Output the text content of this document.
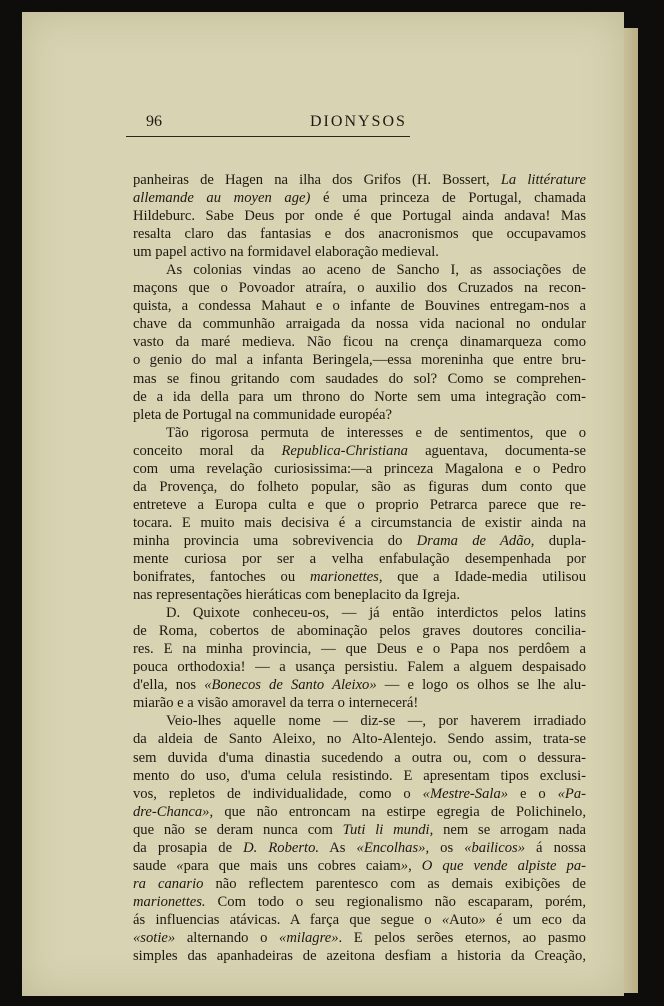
96	DIONYSOS
panheiras de Hagen na ilha dos Grifos (H. Bossert, La littérature
allemande au moyen age) é uma princeza de Portugal, chamada
Hildeburc. Sabe Deus por onde é que Portugal ainda andava! Mas
resalta claro das fantasias e dos anacronismos que occupavamos
um papel activo na formidavel elaboração medieval.
As colonias vindas ao aceno de Sancho I, as associações de
maçons que o Povoador atraíra, o auxilio dos Cruzados na recon-
quista, a condessa Mahaut e o infante de Bouvines entregam-nos a
chave da communhão arraigada da nossa vida nacional no ondular
vasto da maré medieva. Não ficou na crença dinamarqueza como
o genio do mal a infanta Beringela,—essa moreninha que entre bru-
mas se finou gritando com saudades do sol? Como se comprehen-
de a ida della para um throno do Norte sem uma integração com-
pleta de Portugal na communidade européa?
Tão rigorosa permuta de interesses e de sentimentos, que o
conceito moral da Republica-Christiana aguentava, documenta-se
com uma revelação curiosissima:—a princeza Magalona e o Pedro
da Provença, do folheto popular, são as figuras dum conto que
entreteve a Europa culta e que o proprio Petrarca parece que re-
tocara. E muito mais decisiva é a circumstancia de existir ainda na
minha provincia uma sobrevivencia do Drama de Adão, dupla-
mente curiosa por ser a velha enfabulação desempenhada por
bonifrates, fantoches ou marionettes, que a Idade-media utilisou
nas representações hieráticas com beneplacito da Igreja.
D. Quixote conheceu-os, — já então interdictos pelos latins
de Roma, cobertos de abominação pelos graves doutores concilia-
res. E na minha provincia, — que Deus e o Papa nos perdôem a
pouca orthodoxia! — a usança persistiu. Falem a alguem despaisado
d'ella, nos «Bonecos de Santo Aleixo» — e logo os olhos se lhe alu-
miarão e a visão amoravel da terra o internecerá!
Veio-lhes aquelle nome — diz-se —, por haverem irradiado
da aldeia de Santo Aleixo, no Alto-Alentejo. Sendo assim, trata-se
sem duvida d'uma dinastia sucedendo a outra ou, com o dessura-
mento do uso, d'uma celula resistindo. E apresentam tipos exclusi-
vos, repletos de individualidade, como o «Mestre-Sala» e o «Pa-
dre-Chanca», que não entroncam na estirpe egregia de Polichinelo,
que não se deram nunca com Tuti li mundi, nem se arrogam nada
da prosapia de D. Roberto. As «Encolhas», os «bailicos» á nossa
saude «para que mais uns cobres caiam», O que vende alpiste pa-
ra canario não reflectem parentesco com as demais exibições de
marionettes. Com todo o seu regionalismo não escaparam, porém,
ás influencias atávicas. A farça que segue o «Auto» é um eco da
«sotie» alternando o «milagre». E pelos serões eternos, ao pasmo
simples das apanhadeiras de azeitona desfiam a historia da Creação,
